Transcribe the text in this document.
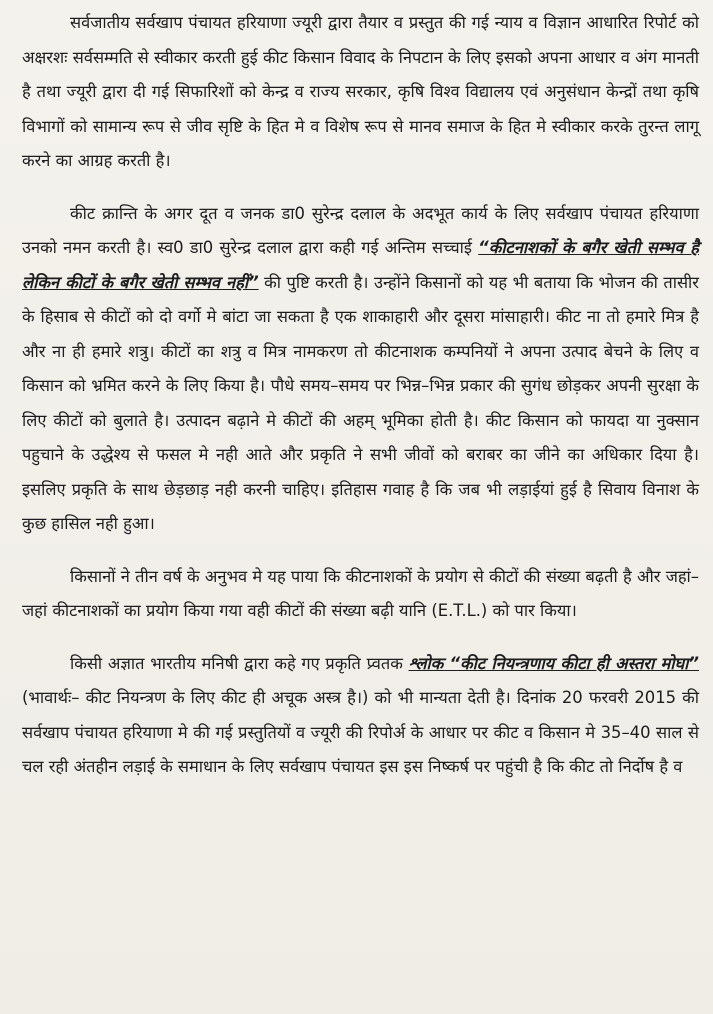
सर्वजातीय सर्वखाप पंचायत हरियाणा ज्यूरी द्वारा तैयार व प्रस्तुत की गई न्याय व विज्ञान आधारित रिपोर्ट को अक्षरशः सर्वसम्मति से स्वीकार करती हुई कीट किसान विवाद के निपटान के लिए इसको अपना आधार व अंग मानती है तथा ज्यूरी द्वारा दी गई सिफारिशों को केन्द्र व राज्य सरकार, कृषि विश्व विद्यालय एवं अनुसंधान केन्द्रों तथा कृषि विभागों को सामान्य रूप से जीव सृष्टि के हित मे व विशेष रूप से मानव समाज के हित मे स्वीकार करके तुरन्त लागू करने का आग्रह करती है।

कीट क्रान्ति के अगर दूत व जनक डा0 सुरेन्द्र दलाल के अदभूत कार्य के लिए सर्वखाप पंचायत हरियाणा उनको नमन करती है। स्व0 डा0 सुरेन्द्र दलाल द्वारा कही गई अन्तिम सच्चाई “कीटनाशकों के बगैर खेती सम्भव है लेकिन कीटों के बगैर खेती सम्भव नहीं” की पुष्टि करती है। उन्होंने किसानों को यह भी बताया कि भोजन की तासीर के हिसाब से कीटों को दो वर्गो मे बांटा जा सकता है एक शाकाहारी और दूसरा मांसाहारी। कीट ना तो हमारे मित्र है और ना ही हमारे शत्रु। कीटों का शत्रु व मित्र नामकरण तो कीटनाशक कम्पनियों ने अपना उत्पाद बेचने के लिए व किसान को भ्रमित करने के लिए किया है। पौधे समय–समय पर भिन्न–भिन्न प्रकार की सुगंध छोड़कर अपनी सुरक्षा के लिए कीटों को बुलाते है। उत्पादन बढ़ाने मे कीटों की अहम् भूमिका होती है। कीट किसान को फायदा या नुक्सान पहुचाने के उद्धेश्य से फसल मे नही आते और प्रकृति ने सभी जीवों को बराबर का जीने का अधिकार दिया है। इसलिए प्रकृति के साथ छेड़छाड़ नही करनी चाहिए। इतिहास गवाह है कि जब भी लड़ाईयां हुई है सिवाय विनाश के कुछ हासिल नही हुआ।

किसानों ने तीन वर्ष के अनुभव मे यह पाया कि कीटनाशकों के प्रयोग से कीटों की संख्या बढ़ती है और जहां–जहां कीटनाशकों का प्रयोग किया गया वही कीटों की संख्या बढ़ी यानि (E.T.L.) को पार किया।

किसी अज्ञात भारतीय मनिषी द्वारा कहे गए प्रकृति प्र्वतक श्लोक “कीट नियन्त्रणाय कीटा ही अस्तरा मोघा” (भावार्थः– कीट नियन्त्रण के लिए कीट ही अचूक अस्त्र है।) को भी मान्यता देती है। दिनांक 20 फरवरी 2015 की सर्वखाप पंचायत हरियाणा मे की गई प्रस्तुतियों व ज्यूरी की रिपोर्अ के आधार पर कीट व किसान मे 35–40 साल से चल रही अंतहीन लड़ाई के समाधान के लिए सर्वखाप पंचायत इस इस निष्कर्ष पर पहुंची है कि कीट तो निर्दोष है व
